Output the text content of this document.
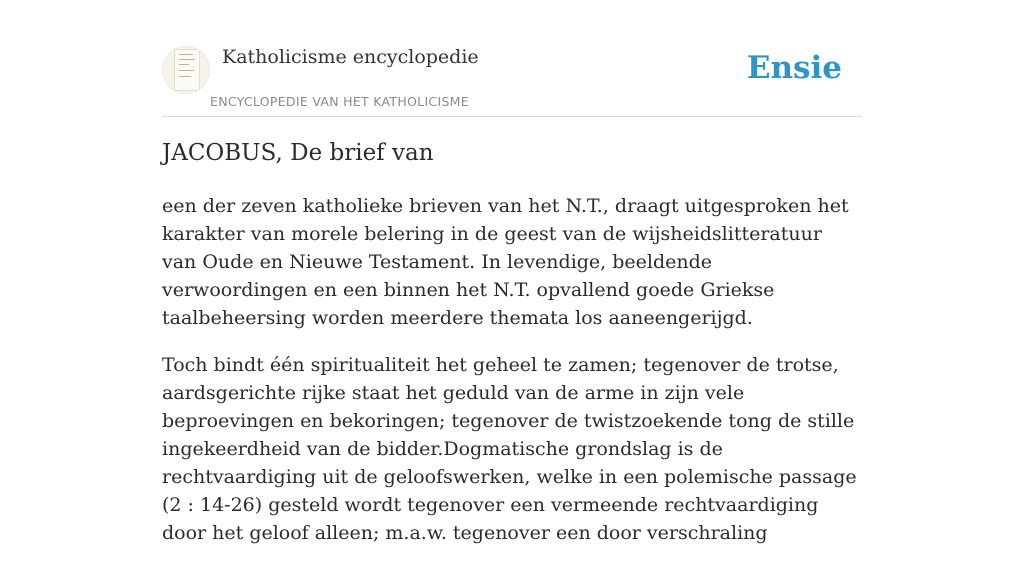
Katholicisme encyclopedie
ENCYCLOPEDIE VAN HET KATHOLICISME
Ensie
JACOBUS, De brief van

een der zeven katholieke brieven van het N.T., draagt uitgesproken het karakter van morele belering in de geest van de wijsheidslitteratuur van Oude en Nieuwe Testament. In levendige, beeldende verwoordingen en een binnen het N.T. opvallend goede Griekse taalbeheersing worden meerdere themata los aaneengerijgd.

Toch bindt één spiritualiteit het geheel te zamen; tegenover de trotse, aardsgerichte rijke staat het geduld van de arme in zijn vele beproevingen en bekoringen; tegenover de twistzoekende tong de stille ingekeerdheid van de bidder.Dogmatische grondslag is de rechtvaardiging uit de geloofswerken, welke in een polemische passage (2 : 14-26) gesteld wordt tegenover een vermeende rechtvaardiging door het geloof alleen; m.a.w. tegenover een door verschraling
